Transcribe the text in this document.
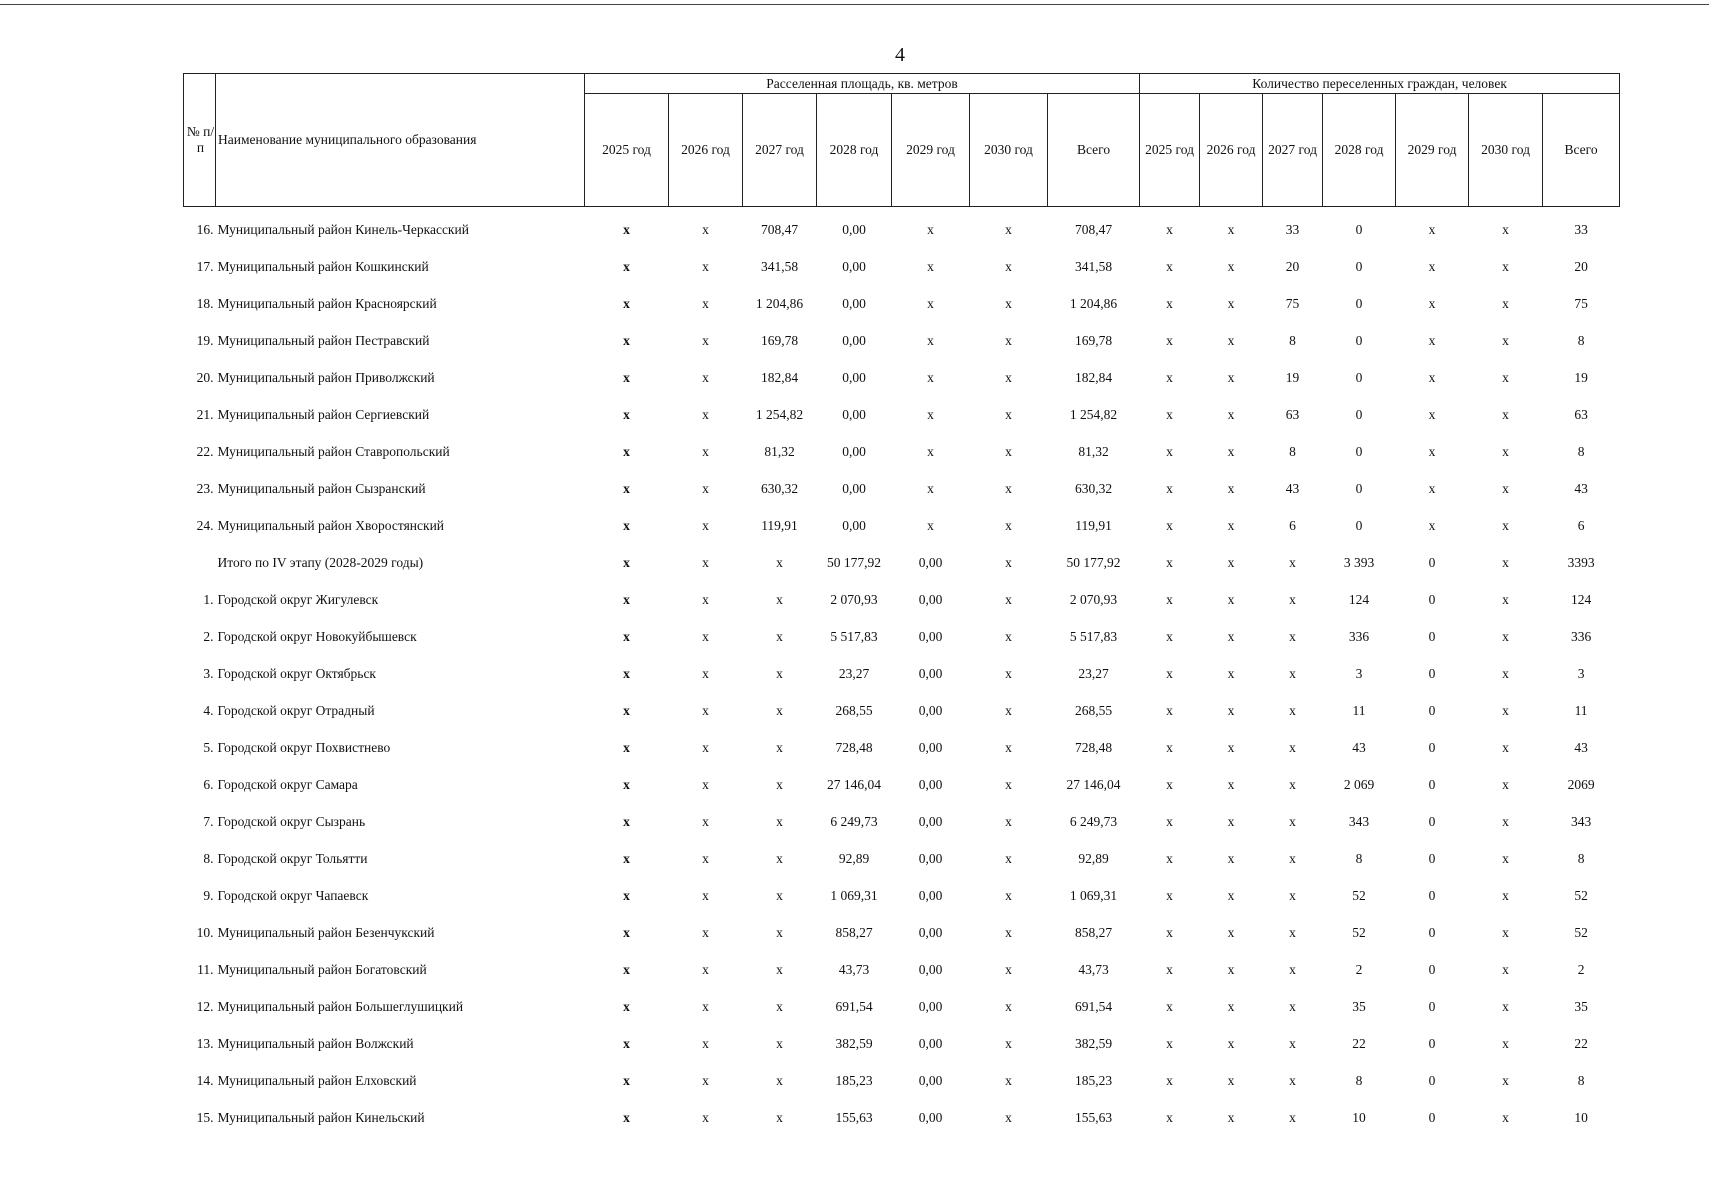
4
№ п/п	Наименование муниципального образования	Расселенная площадь, кв. метров							Количество переселенных граждан, человек						
		2025 год	2026 год	2027 год	2028 год	2029 год	2030 год	Всего	2025 год	2026 год	2027 год	2028 год	2029 год	2030 год	Всего
16.	Муниципальный район Кинель-Черкасский	x	x	708,47	0,00	x	x	708,47	x	x	33	0	x	x	33
17.	Муниципальный район Кошкинский	x	x	341,58	0,00	x	x	341,58	x	x	20	0	x	x	20
18.	Муниципальный район Красноярский	x	x	1 204,86	0,00	x	x	1 204,86	x	x	75	0	x	x	75
19.	Муниципальный район Пестравский	x	x	169,78	0,00	x	x	169,78	x	x	8	0	x	x	8
20.	Муниципальный район Приволжский	x	x	182,84	0,00	x	x	182,84	x	x	19	0	x	x	19
21.	Муниципальный район Сергиевский	x	x	1 254,82	0,00	x	x	1 254,82	x	x	63	0	x	x	63
22.	Муниципальный район Ставропольский	x	x	81,32	0,00	x	x	81,32	x	x	8	0	x	x	8
23.	Муниципальный район Сызранский	x	x	630,32	0,00	x	x	630,32	x	x	43	0	x	x	43
24.	Муниципальный район Хворостянский	x	x	119,91	0,00	x	x	119,91	x	x	6	0	x	x	6
	Итого по IV этапу (2028-2029 годы)	x	x	x	50 177,92	0,00	x	50 177,92	x	x	x	3 393	0	x	3393
1.	Городской округ Жигулевск	x	x	x	2 070,93	0,00	x	2 070,93	x	x	x	124	0	x	124
2.	Городской округ Новокуйбышевск	x	x	x	5 517,83	0,00	x	5 517,83	x	x	x	336	0	x	336
3.	Городской округ Октябрьск	x	x	x	23,27	0,00	x	23,27	x	x	x	3	0	x	3
4.	Городской округ Отрадный	x	x	x	268,55	0,00	x	268,55	x	x	x	11	0	x	11
5.	Городской округ Похвистнево	x	x	x	728,48	0,00	x	728,48	x	x	x	43	0	x	43
6.	Городской округ Самара	x	x	x	27 146,04	0,00	x	27 146,04	x	x	x	2 069	0	x	2069
7.	Городской округ Сызрань	x	x	x	6 249,73	0,00	x	6 249,73	x	x	x	343	0	x	343
8.	Городской округ Тольятти	x	x	x	92,89	0,00	x	92,89	x	x	x	8	0	x	8
9.	Городской округ Чапаевск	x	x	x	1 069,31	0,00	x	1 069,31	x	x	x	52	0	x	52
10.	Муниципальный район Безенчукский	x	x	x	858,27	0,00	x	858,27	x	x	x	52	0	x	52
11.	Муниципальный район Богатовский	x	x	x	43,73	0,00	x	43,73	x	x	x	2	0	x	2
12.	Муниципальный район Большеглушицкий	x	x	x	691,54	0,00	x	691,54	x	x	x	35	0	x	35
13.	Муниципальный район Волжский	x	x	x	382,59	0,00	x	382,59	x	x	x	22	0	x	22
14.	Муниципальный район Елховский	x	x	x	185,23	0,00	x	185,23	x	x	x	8	0	x	8
15.	Муниципальный район Кинельский	x	x	x	155,63	0,00	x	155,63	x	x	x	10	0	x	10
